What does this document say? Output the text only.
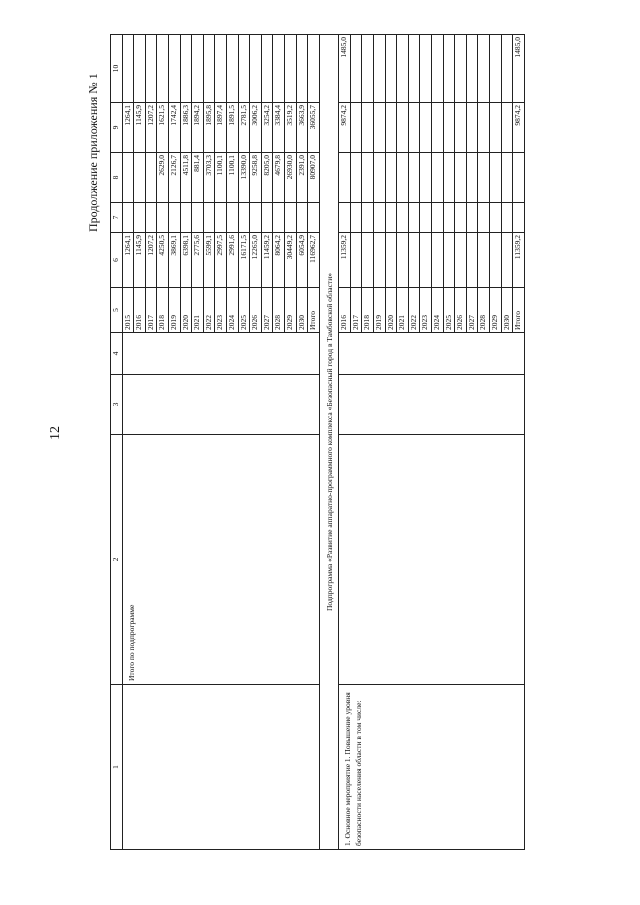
12
Продолжение приложения № 1
1	2	3	4	5	6	7	8	9	10
	Итого по подпрограмме			2015	1264,1			1264,1	
				2016	1145,9			1145,9	
				2017	1207,2			1207,2	
				2018	4250,5		2629,0	1621,5	
				2019	3869,1		2126,7	1742,4	
				2020	6398,1		4511,8	1886,3	
				2021	2775,6		881,4	1894,2	
				2022	5599,1		3703,3	1895,8	
				2023	2997,5		1100,1	1897,4	
				2024	2991,6		1100,1	1891,5	
				2025	16171,5		13390,0	2781,5	
				2026	12265,0		9258,8	3006,2	
				2027	11459,2		8205,0	3254,2	
				2028	8064,2		4679,8	3384,4	
				2029	30449,2		26930,0	3519,2	
				2030	6054,9		2391,0	3663,9	
				Итого	116962,7		80907,0	36055,7	
Подпрограмма «Развитие аппаратно-программного комплекса «Безопасный город в Тамбовской области»									
1. Основное мероприятие 1. Повышение уровня безопасности населения области в том числе:				2016	11359,2			9874,2	1485,0
				2017					
				2018					
				2019					
				2020					
				2021					
				2022					
				2023					
				2024					
				2025					
				2026					
				2027					
				2028					
				2029					
				2030					
				Итого	11359,2			9874,2	1485,0
